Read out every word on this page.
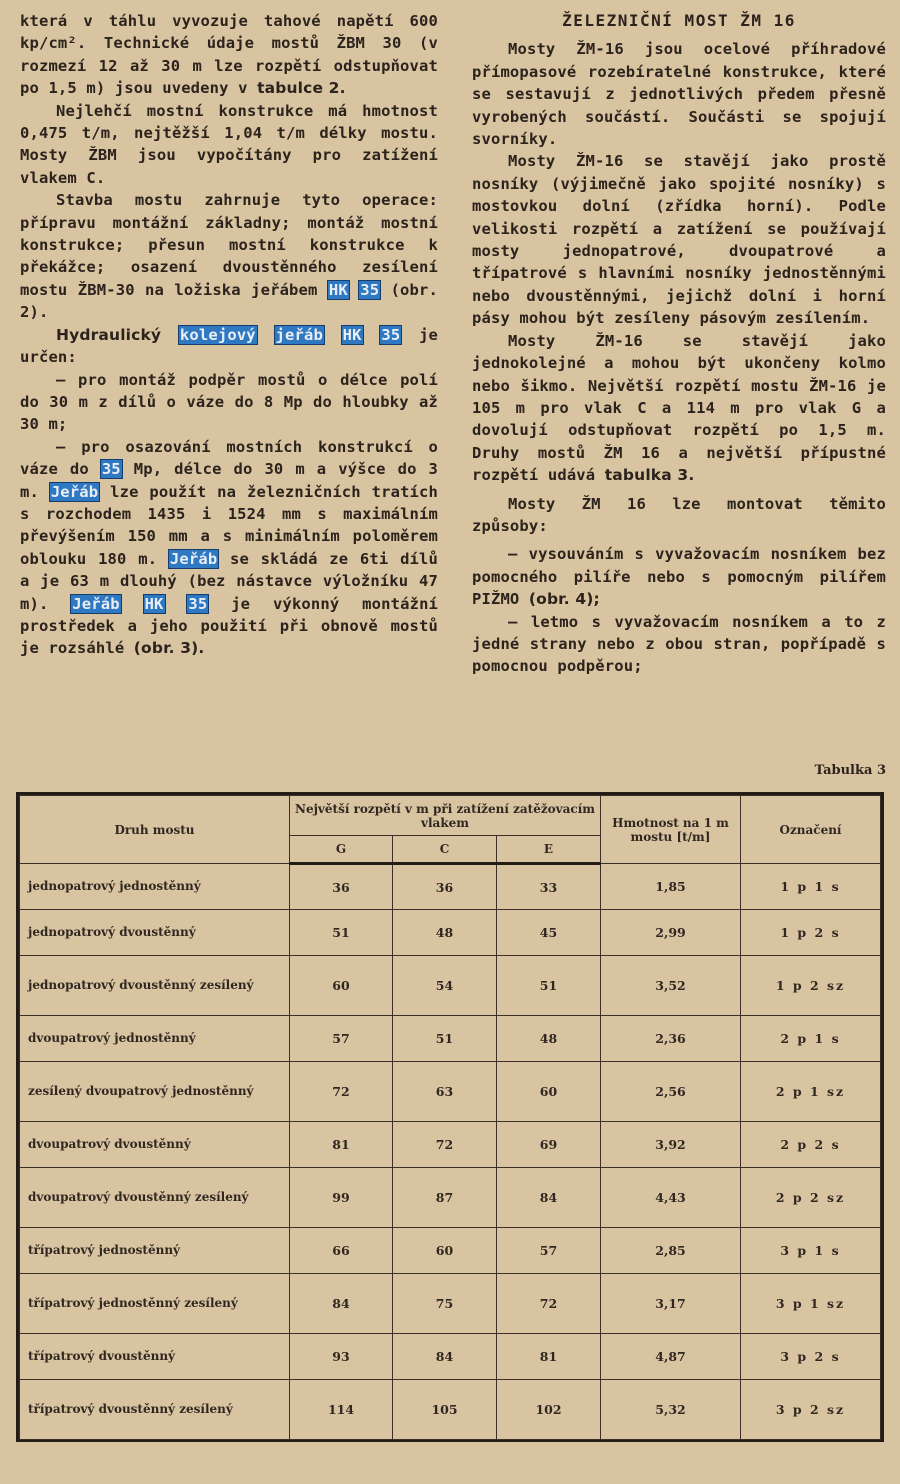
která v táhlu vyvozuje tahové napětí 600 kp/cm². Technické údaje mostů ŽBM 30 (v rozmezí 12 až 30 m lze rozpětí odstupňovat po 1,5 m) jsou uvedeny v tabulce 2.

Nejlehčí mostní konstrukce má hmotnost 0,475 t/m, nejtěžší 1,04 t/m délky mostu. Mosty ŽBM jsou vypočítány pro zatížení vlakem C.

Stavba mostu zahrnuje tyto operace: přípravu montážní základny; montáž mostní konstrukce; přesun mostní konstrukce k překážce; osazení dvoustěnného zesílení mostu ŽBM-30 na ložiska jeřábem HK 35 (obr. 2).

Hydraulický kolejový jeřáb HK 35 je určen:

— pro montáž podpěr mostů o délce polí do 30 m z dílů o váze do 8 Mp do hloubky až 30 m;

— pro osazování mostních konstrukcí o váze do 35 Mp, délce do 30 m a výšce do 3 m. Jeřáb lze použít na železničních tratích s rozchodem 1435 i 1524 mm s maximálním převýšením 150 mm a s minimálním poloměrem oblouku 180 m. Jeřáb se skládá ze 6ti dílů a je 63 m dlouhý (bez nástavce výložníku 47 m). Jeřáb HK 35 je výkonný montážní prostředek a jeho použití při obnově mostů je rozsáhlé (obr. 3).

ŽELEZNIČNÍ MOST ŽM 16

Mosty ŽM-16 jsou ocelové příhradové přímopasové rozebíratelné konstrukce, které se sestavují z jednotlivých předem přesně vyrobených součástí. Součásti se spojují svorníky.

Mosty ŽM-16 se stavějí jako prostě nosníky (výjimečně jako spojité nosníky) s mostovkou dolní (zřídka horní). Podle velikosti rozpětí a zatížení se používají mosty jednopatrové, dvoupatrové a třípatrové s hlavními nosníky jednostěnnými nebo dvoustěnnými, jejichž dolní i horní pásy mohou být zesíleny pásovým zesílením.

Mosty ŽM-16 se stavějí jako jednokolejné a mohou být ukončeny kolmo nebo šikmo. Největší rozpětí mostu ŽM-16 je 105 m pro vlak C a 114 m pro vlak G a dovolují odstupňovat rozpětí po 1,5 m. Druhy mostů ŽM 16 a největší přípustné rozpětí udává tabulka 3.

Mosty ŽM 16 lze montovat těmito způsoby:

— vysouváním s vyvažovacím nosníkem bez pomocného pilíře nebo s pomocným pilířem PIŽMO (obr. 4);

— letmo s vyvažovacím nosníkem a to z jedné strany nebo z obou stran, popřípadě s pomocnou podpěrou;

Tabulka 3
Druh mostu	Největší rozpětí v m při zatížení zatěžovacím vlakem			Hmotnost na 1 m mostu [t/m]	Označení
	G	C	E		
jednopatrový jednostěnný	36	36	33	1,85	1 p 1 s
jednopatrový dvoustěnný	51	48	45	2,99	1 p 2 s
jednopatrový dvoustěnný zesílený	60	54	51	3,52	1 p 2 sz
dvoupatrový jednostěnný	57	51	48	2,36	2 p 1 s
zesílený dvoupatrový jednostěnný	72	63	60	2,56	2 p 1 sz
dvoupatrový dvoustěnný	81	72	69	3,92	2 p 2 s
dvoupatrový dvoustěnný zesílený	99	87	84	4,43	2 p 2 sz
třípatrový jednostěnný	66	60	57	2,85	3 p 1 s
třípatrový jednostěnný zesílený	84	75	72	3,17	3 p 1 sz
třípatrový dvoustěnný	93	84	81	4,87	3 p 2 s
třípatrový dvoustěnný zesílený	114	105	102	5,32	3 p 2 sz
